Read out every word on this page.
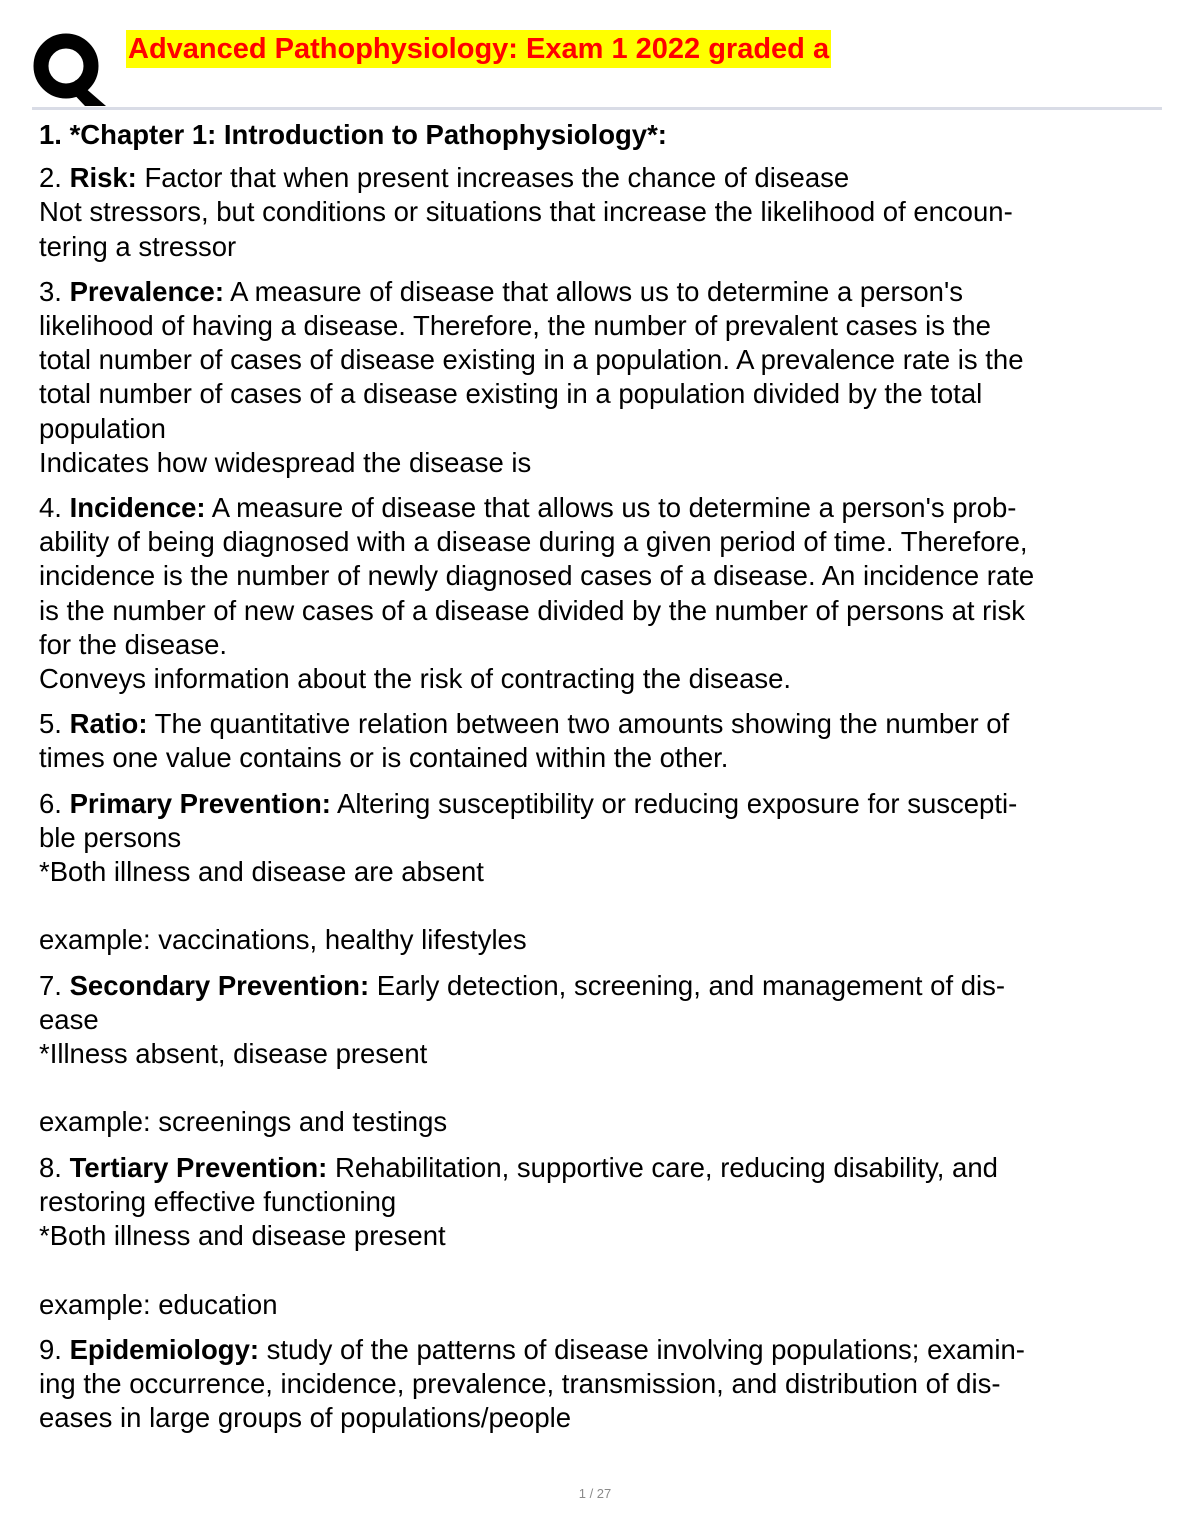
Advanced Pathophysiology: Exam 1 2022 graded a
1. *Chapter 1: Introduction to Pathophysiology*:
2. Risk: Factor that when present increases the chance of disease
Not stressors, but conditions or situations that increase the likelihood of encoun-
tering a stressor
3. Prevalence: A measure of disease that allows us to determine a person's
likelihood of having a disease. Therefore, the number of prevalent cases is the
total number of cases of disease existing in a population. A prevalence rate is the
total number of cases of a disease existing in a population divided by the total
population
Indicates how widespread the disease is
4. Incidence: A measure of disease that allows us to determine a person's prob-
ability of being diagnosed with a disease during a given period of time. Therefore,
incidence is the number of newly diagnosed cases of a disease. An incidence rate
is the number of new cases of a disease divided by the number of persons at risk
for the disease.
Conveys information about the risk of contracting the disease.
5. Ratio: The quantitative relation between two amounts showing the number of
times one value contains or is contained within the other.
6. Primary Prevention: Altering susceptibility or reducing exposure for suscepti-
ble persons
*Both illness and disease are absent

example: vaccinations, healthy lifestyles
7. Secondary Prevention: Early detection, screening, and management of dis-
ease
*Illness absent, disease present

example: screenings and testings
8. Tertiary Prevention: Rehabilitation, supportive care, reducing disability, and
restoring effective functioning
*Both illness and disease present

example: education
9. Epidemiology: study of the patterns of disease involving populations; examin-
ing the occurrence, incidence, prevalence, transmission, and distribution of dis-
eases in large groups of populations/people
1 / 27
